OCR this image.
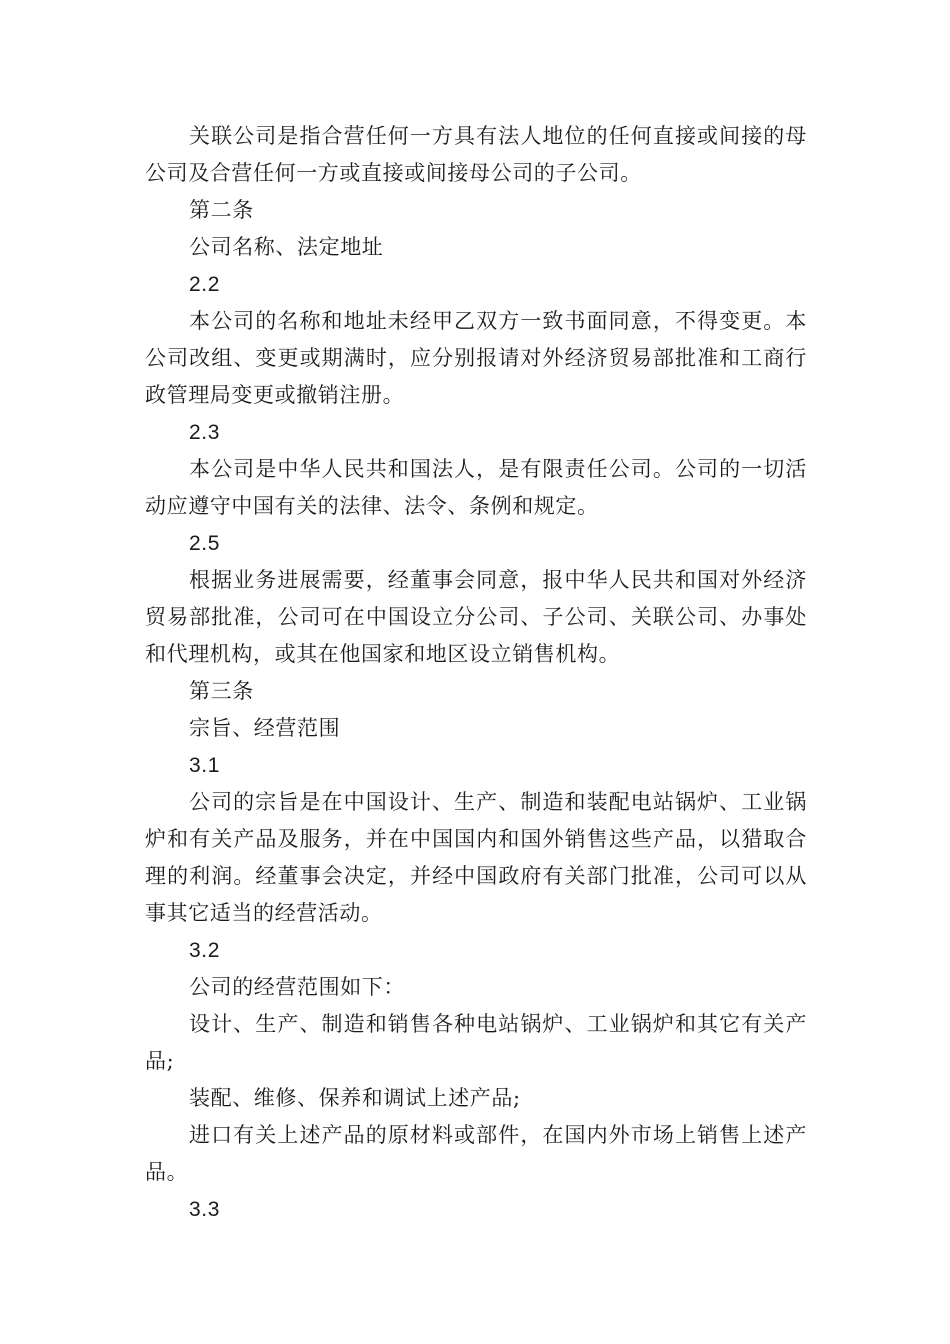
关联公司是指合营任何一方具有法人地位的任何直接或间接的母公司及合营任何一方或直接或间接母公司的子公司。

第二条

公司名称、法定地址

2.2

本公司的名称和地址未经甲乙双方一致书面同意，不得变更。本公司改组、变更或期满时，应分别报请对外经济贸易部批准和工商行政管理局变更或撤销注册。

2.3

本公司是中华人民共和国法人，是有限责任公司。公司的一切活动应遵守中国有关的法律、法令、条例和规定。

2.5

根据业务进展需要，经董事会同意，报中华人民共和国对外经济贸易部批准，公司可在中国设立分公司、子公司、关联公司、办事处和代理机构，或其在他国家和地区设立销售机构。

第三条

宗旨、经营范围

3.1

公司的宗旨是在中国设计、生产、制造和装配电站锅炉、工业锅炉和有关产品及服务，并在中国国内和国外销售这些产品，以猎取合理的利润。经董事会决定，并经中国政府有关部门批准，公司可以从事其它适当的经营活动。

3.2

公司的经营范围如下：

设计、生产、制造和销售各种电站锅炉、工业锅炉和其它有关产品;

装配、维修、保养和调试上述产品;

进口有关上述产品的原材料或部件，在国内外市场上销售上述产品。

3.3
